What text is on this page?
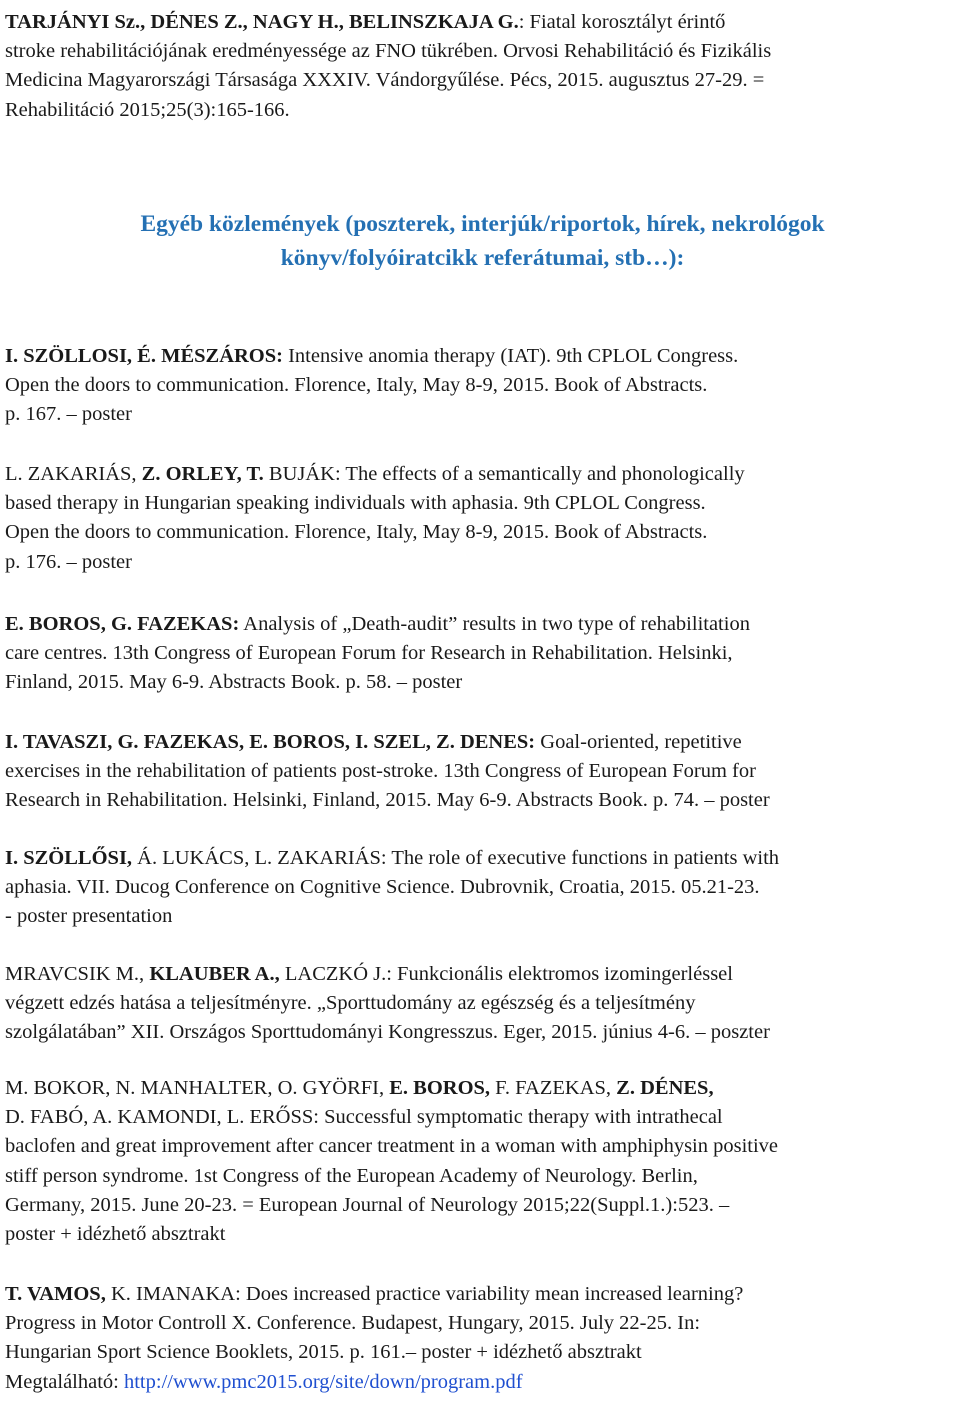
TARJÁNYI Sz., DÉNES Z., NAGY H., BELINSZKAJA G.: Fiatal korosztályt érintő
stroke rehabilitációjának eredményessége az FNO tükrében. Orvosi Rehabilitáció és Fizikális
Medicina Magyarországi Társasága XXXIV. Vándorgyűlése. Pécs, 2015. augusztus 27-29. =
Rehabilitáció 2015;25(3):165-166.
Egyéb közlemények (poszterek, interjúk/riportok, hírek, nekrológok
könyv/folyóiratcikk referátumai, stb…):
I. SZÖLLOSI, É. MÉSZÁROS: Intensive anomia therapy (IAT). 9th CPLOL Congress.
Open the doors to communication. Florence, Italy, May 8-9, 2015. Book of Abstracts.
p. 167. – poster
L. ZAKARIÁS, Z. ORLEY, T. BUJÁK: The effects of a semantically and phonologically
based therapy in Hungarian speaking individuals with aphasia. 9th CPLOL Congress.
Open the doors to communication. Florence, Italy, May 8-9, 2015. Book of Abstracts.
p. 176. – poster
E. BOROS, G. FAZEKAS: Analysis of „Death-audit” results in two type of rehabilitation
care centres. 13th Congress of European Forum for Research in Rehabilitation. Helsinki,
Finland, 2015. May 6-9. Abstracts Book. p. 58. – poster
I. TAVASZI, G. FAZEKAS, E. BOROS, I. SZEL, Z. DENES: Goal-oriented, repetitive
exercises in the rehabilitation of patients post-stroke. 13th Congress of European Forum for
Research in Rehabilitation. Helsinki, Finland, 2015. May 6-9. Abstracts Book. p. 74. – poster
I. SZÖLLŐSI, Á. LUKÁCS, L. ZAKARIÁS: The role of executive functions in patients with
aphasia. VII. Ducog Conference on Cognitive Science. Dubrovnik, Croatia, 2015. 05.21-23.
- poster presentation
MRAVCSIK M., KLAUBER A., LACZKÓ J.: Funkcionális elektromos izomingerléssel
végzett edzés hatása a teljesítményre. „Sporttudomány az egészség és a teljesítmény
szolgálatában” XII. Országos Sporttudományi Kongresszus. Eger, 2015. június 4-6. – poszter
M. BOKOR, N. MANHALTER, O. GYÖRFI, E. BOROS, F. FAZEKAS, Z. DÉNES,
D. FABÓ, A. KAMONDI, L. ERŐSS: Successful symptomatic therapy with intrathecal
baclofen and great improvement after cancer treatment in a woman with amphiphysin positive
stiff person syndrome. 1st Congress of the European Academy of Neurology. Berlin,
Germany, 2015. June 20-23. = European Journal of Neurology 2015;22(Suppl.1.):523. –
poster + idézhető absztrakt
T. VAMOS, K. IMANAKA: Does increased practice variability mean increased learning?
Progress in Motor Controll X. Conference. Budapest, Hungary, 2015. July 22-25. In:
Hungarian Sport Science Booklets, 2015. p. 161.– poster + idézhető absztrakt
Megtalálható: http://www.pmc2015.org/site/down/program.pdf
